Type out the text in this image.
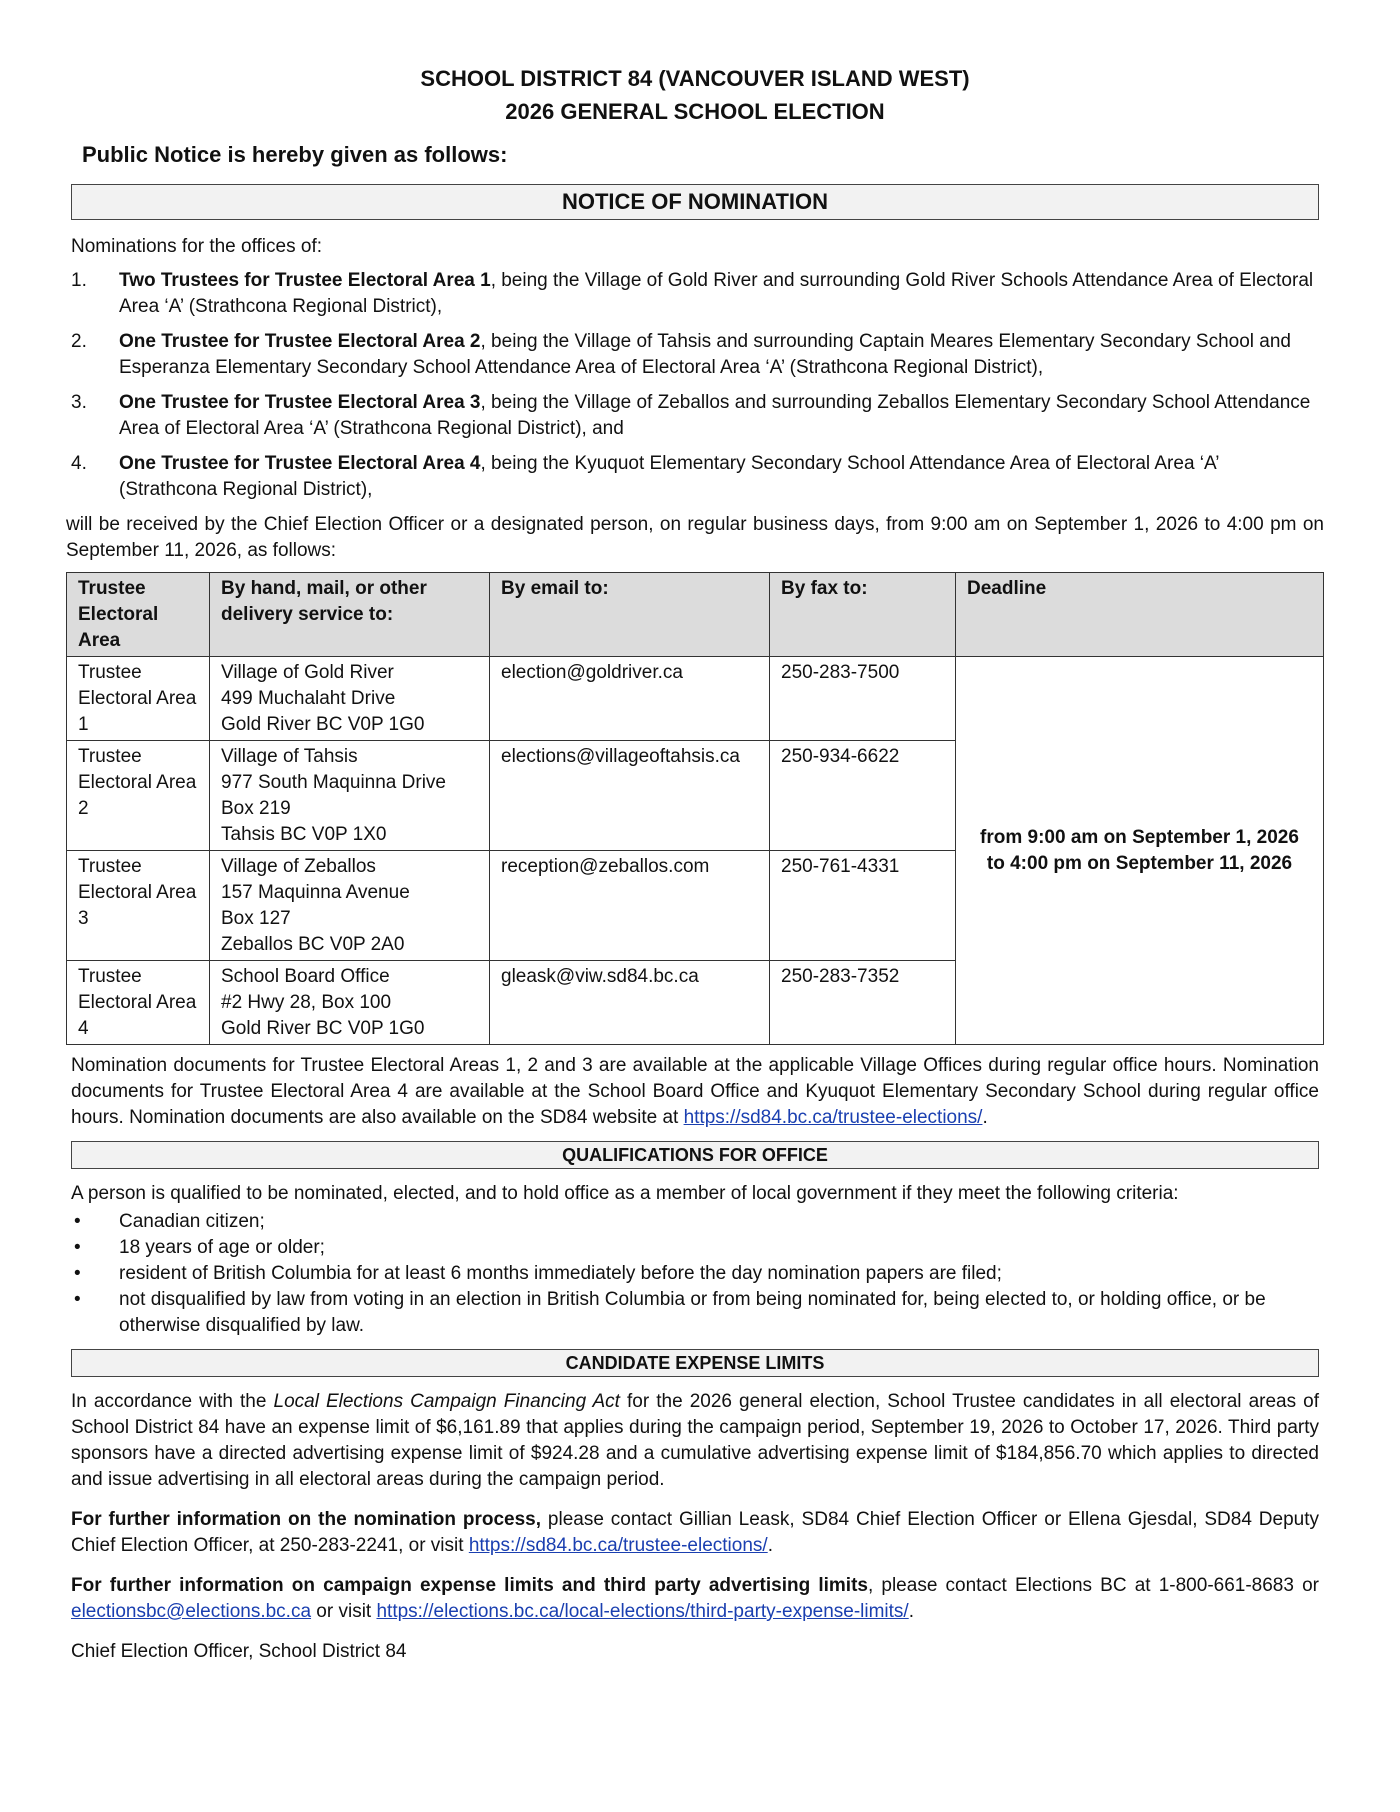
SCHOOL DISTRICT 84 (VANCOUVER ISLAND WEST)
2026 GENERAL SCHOOL ELECTION
Public Notice is hereby given as follows:
NOTICE OF NOMINATION
Nominations for the offices of:
1. Two Trustees for Trustee Electoral Area 1, being the Village of Gold River and surrounding Gold River Schools Attendance Area of Electoral Area ‘A’ (Strathcona Regional District),
2. One Trustee for Trustee Electoral Area 2, being the Village of Tahsis and surrounding Captain Meares Elementary Secondary School and Esperanza Elementary Secondary School Attendance Area of Electoral Area ‘A’ (Strathcona Regional District),
3. One Trustee for Trustee Electoral Area 3, being the Village of Zeballos and surrounding Zeballos Elementary Secondary School Attendance Area of Electoral Area ‘A’ (Strathcona Regional District), and
4. One Trustee for Trustee Electoral Area 4, being the Kyuquot Elementary Secondary School Attendance Area of Electoral Area ‘A’ (Strathcona Regional District),
will be received by the Chief Election Officer or a designated person, on regular business days, from 9:00 am on September 1, 2026 to 4:00 pm on September 11, 2026, as follows:
Trustee
Electoral Area	By hand, mail, or other
delivery service to:	By email to:	By fax to:	Deadline

Trustee
Electoral Area 1	Village of Gold River
499 Muchalaht Drive
Gold River BC V0P 1G0	election@goldriver.ca	250-283-7500	from 9:00 am on September 1, 2026
to 4:00 pm on September 11, 2026

Trustee
Electoral Area 2	Village of Tahsis
977 South Maquinna Drive
Box 219
Tahsis BC V0P 1X0	elections@villageoftahsis.ca	250-934-6622	

Trustee
Electoral Area 3	Village of Zeballos
157 Maquinna Avenue
Box 127
Zeballos BC V0P 2A0	reception@zeballos.com	250-761-4331	

Trustee
Electoral Area 4	School Board Office
#2 Hwy 28, Box 100
Gold River BC V0P 1G0	gleask@viw.sd84.bc.ca	250-283-7352	
Nomination documents for Trustee Electoral Areas 1, 2 and 3 are available at the applicable Village Offices during regular office hours. Nomination documents for Trustee Electoral Area 4 are available at the School Board Office and Kyuquot Elementary Secondary School during regular office hours. Nomination documents are also available on the SD84 website at https://sd84.bc.ca/trustee-elections/.
QUALIFICATIONS FOR OFFICE
A person is qualified to be nominated, elected, and to hold office as a member of local government if they meet the following criteria:
• Canadian citizen;
• 18 years of age or older;
• resident of British Columbia for at least 6 months immediately before the day nomination papers are filed;
• not disqualified by law from voting in an election in British Columbia or from being nominated for, being elected to, or holding office, or be otherwise disqualified by law.
CANDIDATE EXPENSE LIMITS
In accordance with the Local Elections Campaign Financing Act for the 2026 general election, School Trustee candidates in all electoral areas of School District 84 have an expense limit of $6,161.89 that applies during the campaign period, September 19, 2026 to October 17, 2026. Third party sponsors have a directed advertising expense limit of $924.28 and a cumulative advertising expense limit of $184,856.70 which applies to directed and issue advertising in all electoral areas during the campaign period.
For further information on the nomination process, please contact Gillian Leask, SD84 Chief Election Officer or Ellena Gjesdal, SD84 Deputy Chief Election Officer, at 250-283-2241, or visit https://sd84.bc.ca/trustee-elections/.
For further information on campaign expense limits and third party advertising limits, please contact Elections BC at 1-800-661-8683 or electionsbc@elections.bc.ca or visit https://elections.bc.ca/local-elections/third-party-expense-limits/.
Chief Election Officer, School District 84
